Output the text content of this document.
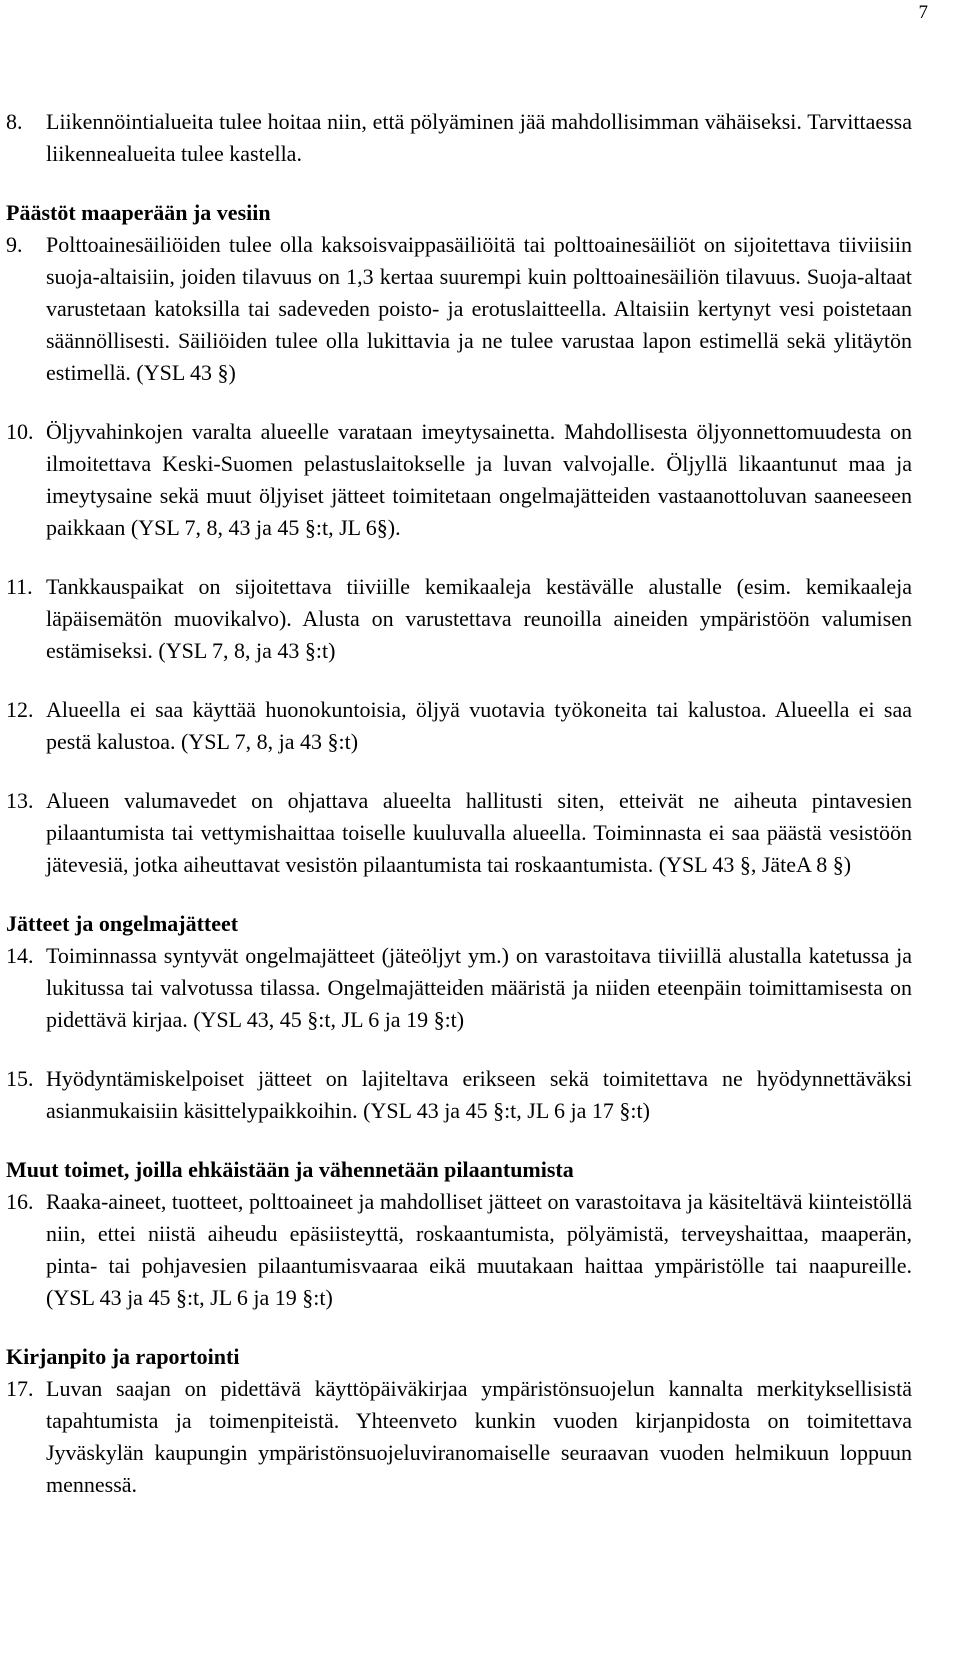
7
8.	Liikennöintialueita tulee hoitaa niin, että pölyäminen jää mahdollisimman vähäiseksi. Tarvittaessa liikennealueita tulee kastella.
Päästöt maaperään ja vesiin
9.	Polttoainesäiliöiden tulee olla kaksoisvaippasäiliöitä tai polttoainesäiliöt on sijoitettava tiiviisiin suoja-altaisiin, joiden tilavuus on 1,3 kertaa suurempi kuin polttoainesäiliön tilavuus. Suoja-altaat varustetaan katoksilla tai sadeveden poisto- ja erotuslaitteella. Altaisiin kertynyt vesi poistetaan säännöllisesti. Säiliöiden tulee olla lukittavia ja ne tulee varustaa lapon estimellä sekä ylitäytön estimellä. (YSL 43 §)
10. Öljyvahinkojen varalta alueelle varataan imeytysainetta. Mahdollisesta öljyonnettomuudesta on ilmoitettava Keski-Suomen pelastuslaitokselle ja luvan valvojalle. Öljyllä likaantunut maa ja imeytysaine sekä muut öljyiset jätteet toimitetaan ongelmajätteiden vastaanottoluvan saaneeseen paikkaan (YSL 7, 8, 43 ja 45 §:t, JL 6§).
11. Tankkauspaikat on sijoitettava tiiviille kemikaaleja kestävälle alustalle (esim. kemikaaleja läpäisemätön muovikalvo). Alusta on varustettava reunoilla aineiden ympäristöön valumisen estämiseksi. (YSL 7, 8, ja 43 §:t)
12. Alueella ei saa käyttää huonokuntoisia, öljyä vuotavia työkoneita tai kalustoa. Alueella ei saa pestä kalustoa. (YSL 7, 8, ja 43 §:t)
13. Alueen valumavedet on ohjattava alueelta hallitusti siten, etteivät ne aiheuta pintavesien pilaantumista tai vettymishaittaa toiselle kuuluvalla alueella. Toiminnasta ei saa päästä vesistöön jätevesiä, jotka aiheuttavat vesistön pilaantumista tai roskaantumista. (YSL 43 §, JäteA 8 §)
Jätteet ja ongelmajätteet
14. Toiminnassa syntyvät ongelmajätteet (jäteöljyt ym.) on varastoitava tiiviillä alustalla katetussa ja lukitussa tai valvotussa tilassa. Ongelmajätteiden määristä ja niiden eteenpäin toimittamisesta on pidettävä kirjaa. (YSL 43, 45 §:t, JL 6 ja 19 §:t)
15. Hyödyntämiskelpoiset jätteet on lajiteltava erikseen sekä toimitettava ne hyödynnettäväksi asianmukaisiin käsittelypaikkoihin. (YSL 43 ja 45 §:t, JL 6 ja 17 §:t)
Muut toimet, joilla ehkäistään ja vähennetään pilaantumista
16. Raaka-aineet, tuotteet, polttoaineet ja mahdolliset jätteet on varastoitava ja käsiteltävä kiinteistöllä niin, ettei niistä aiheudu epäsiisteyttä, roskaantumista, pölyämistä, terveyshaittaa, maaperän, pinta- tai pohjavesien pilaantumisvaaraa eikä muutakaan haittaa ympäristölle tai naapureille. (YSL 43 ja 45 §:t, JL 6 ja 19 §:t)
Kirjanpito ja raportointi
17. Luvan saajan on pidettävä käyttöpäiväkirjaa ympäristönsuojelun kannalta merkityksellisistä tapahtumista ja toimenpiteistä. Yhteenveto kunkin vuoden kirjanpidosta on toimitettava Jyväskylän kaupungin ympäristönsuojeluviranomaiselle seuraavan vuoden helmikuun loppuun mennessä.
